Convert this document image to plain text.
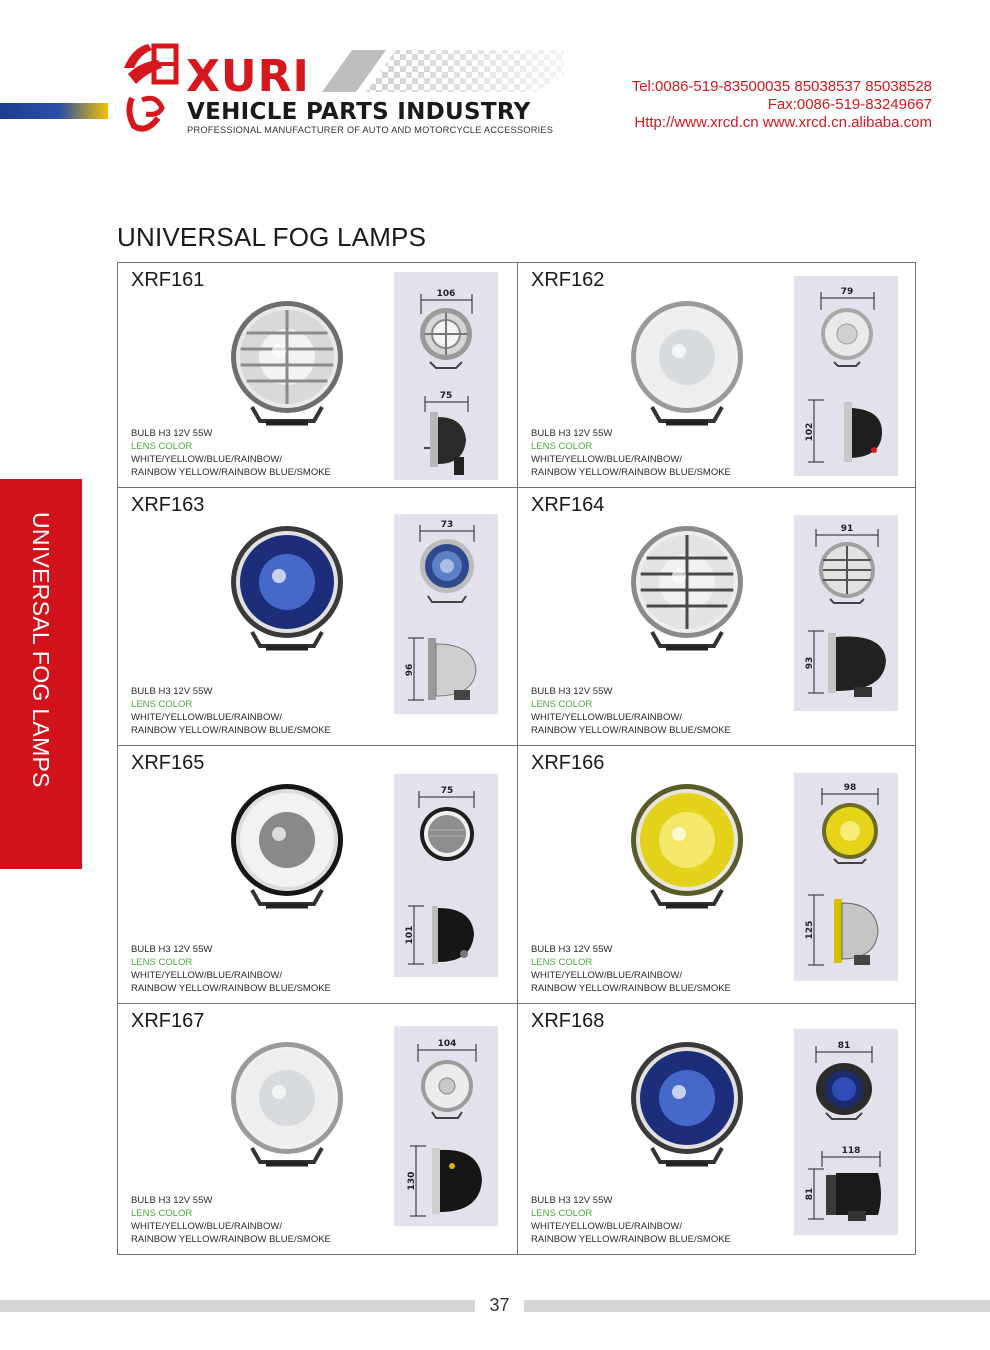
XURI
VEHICLE PARTS INDUSTRY
PROFESSIONAL MANUFACTURER OF AUTO AND MOTORCYCLE ACCESSORIES
Tel:0086-519-83500035 85038537 85038528
Fax:0086-519-83249667
Http://www.xrcd.cn www.xrcd.cn.alibaba.com
UNIVERSAL FOG LAMPS
UNIVERSAL FOG LAMPS
XRF161
106
75
BULB H3 12V 55W
LENS COLOR
WHITE/YELLOW/BLUE/RAINBOW/
RAINBOW YELLOW/RAINBOW BLUE/SMOKE
XRF162
79
102
BULB H3 12V 55W
LENS COLOR
WHITE/YELLOW/BLUE/RAINBOW/
RAINBOW YELLOW/RAINBOW BLUE/SMOKE
XRF163
73
96
BULB H3 12V 55W
LENS COLOR
WHITE/YELLOW/BLUE/RAINBOW/
RAINBOW YELLOW/RAINBOW BLUE/SMOKE
XRF164
91
93
BULB H3 12V 55W
LENS COLOR
WHITE/YELLOW/BLUE/RAINBOW/
RAINBOW YELLOW/RAINBOW BLUE/SMOKE
XRF165
75
101
BULB H3 12V 55W
LENS COLOR
WHITE/YELLOW/BLUE/RAINBOW/
RAINBOW YELLOW/RAINBOW BLUE/SMOKE
XRF166
98
125
BULB H3 12V 55W
LENS COLOR
WHITE/YELLOW/BLUE/RAINBOW/
RAINBOW YELLOW/RAINBOW BLUE/SMOKE
XRF167
104
130
BULB H3 12V 55W
LENS COLOR
WHITE/YELLOW/BLUE/RAINBOW/
RAINBOW YELLOW/RAINBOW BLUE/SMOKE
XRF168
81
118
81
BULB H3 12V 55W
LENS COLOR
WHITE/YELLOW/BLUE/RAINBOW/
RAINBOW YELLOW/RAINBOW BLUE/SMOKE
37
